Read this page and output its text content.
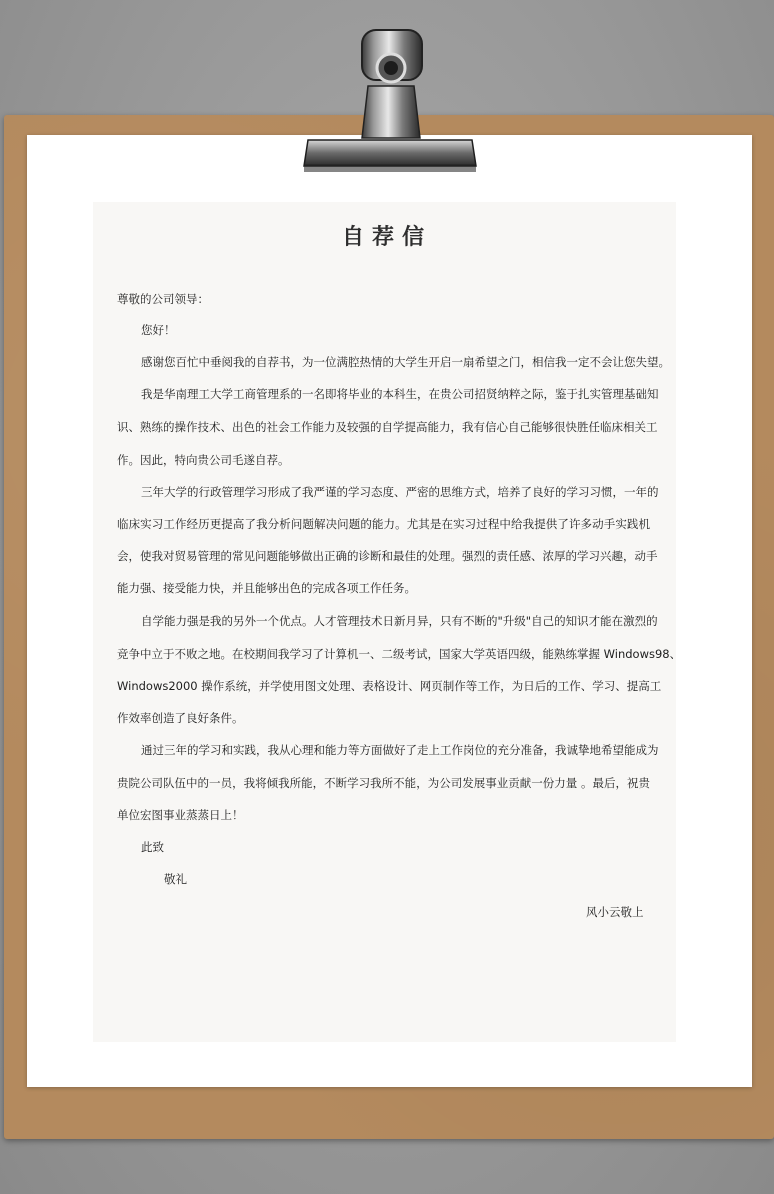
自荐信
尊敬的公司领导：
您好！
感谢您百忙中垂阅我的自荐书，为一位满腔热情的大学生开启一扇希望之门，相信我一定不会让您失望。
我是华南理工大学工商管理系的一名即将毕业的本科生，在贵公司招贤纳粹之际，鉴于扎实管理基础知
识、熟练的操作技术、出色的社会工作能力及较强的自学提高能力，我有信心自己能够很快胜任临床相关工
作。因此，特向贵公司毛遂自荐。
三年大学的行政管理学习形成了我严谨的学习态度、严密的思维方式，培养了良好的学习习惯，一年的
临床实习工作经历更提高了我分析问题解决问题的能力。尤其是在实习过程中给我提供了许多动手实践机
会，使我对贸易管理的常见问题能够做出正确的诊断和最佳的处理。强烈的责任感、浓厚的学习兴趣，动手
能力强、接受能力快，并且能够出色的完成各项工作任务。
自学能力强是我的另外一个优点。人才管理技术日新月异，只有不断的"升级"自己的知识才能在激烈的
竞争中立于不败之地。在校期间我学习了计算机一、二级考试，国家大学英语四级，能熟练掌握 Windows98、
Windows2000 操作系统，并学使用图文处理、表格设计、网页制作等工作，为日后的工作、学习、提高工
作效率创造了良好条件。
通过三年的学习和实践，我从心理和能力等方面做好了走上工作岗位的充分准备，我诚挚地希望能成为
贵院公司队伍中的一员，我将倾我所能，不断学习我所不能，为公司发展事业贡献一份力量 。最后，祝贵
单位宏图事业蒸蒸日上！
此致
敬礼
风小云敬上
